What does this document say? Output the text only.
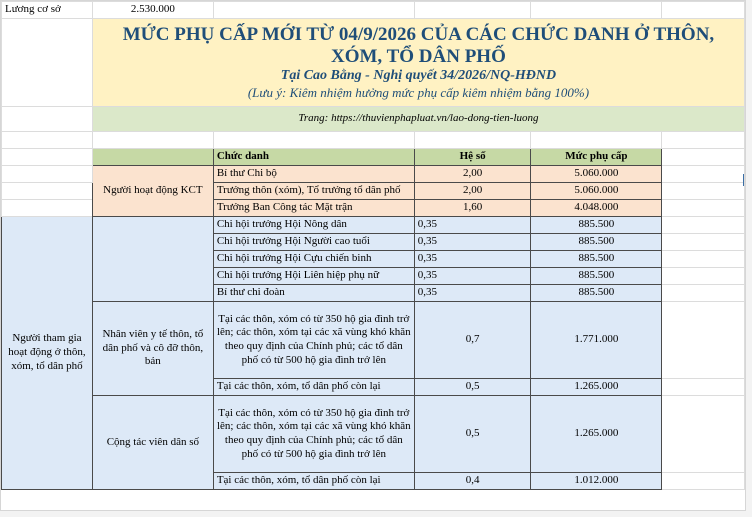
Lương cơ sở	2.530.000				

	MỨC PHỤ CẤP MỚI TỪ 04/9/2026 CỦA CÁC CHỨC DANH Ở THÔN, XÓM, TỔ DÂN PHỐ
Tại Cao Bằng - Nghị quyết 34/2026/NQ-HĐND
(Lưu ý: Kiêm nhiệm hưởng mức phụ cấp kiêm nhiệm bằng 100%)				

	Trang: https://thuvienphapluat.vn/lao-dong-tien-luong				

		Chức danh	Hệ số	Mức phụ cấp	
	Người hoạt động KCT	Bí thư Chi bộ	2,00	5.060.000	
		Trưởng thôn (xóm), Tổ trưởng tổ dân phố	2,00	5.060.000	
		Trưởng Ban Công tác Mặt trận	1,60	4.048.000	
Người tham gia hoạt động ở thôn, xóm, tổ dân phố		Chi hội trưởng Hội Nông dân	0,35	885.500	
		Chi hội trưởng Hội Người cao tuổi	0,35	885.500	
		Chi hội trưởng Hội Cựu chiến binh	0,35	885.500	
		Chi hội trưởng Hội Liên hiệp phụ nữ	0,35	885.500	
		Bí thư chi đoàn	0,35	885.500	
	Nhân viên y tế thôn, tổ dân phố và cô đỡ thôn, bản	Tại các thôn, xóm có từ 350 hộ gia đình trở lên; các thôn, xóm tại các xã vùng khó khăn theo quy định của Chính phủ; các tổ dân phố có từ 500 hộ gia đình trở lên	0,7	1.771.000	
		Tại các thôn, xóm, tổ dân phố còn lại	0,5	1.265.000	
	Cộng tác viên dân số	Tại các thôn, xóm có từ 350 hộ gia đình trở lên; các thôn, xóm tại các xã vùng khó khăn theo quy định của Chính phủ; các tổ dân phố có từ 500 hộ gia đình trở lên	0,5	1.265.000	
		Tại các thôn, xóm, tổ dân phố còn lại	0,4	1.012.000	
